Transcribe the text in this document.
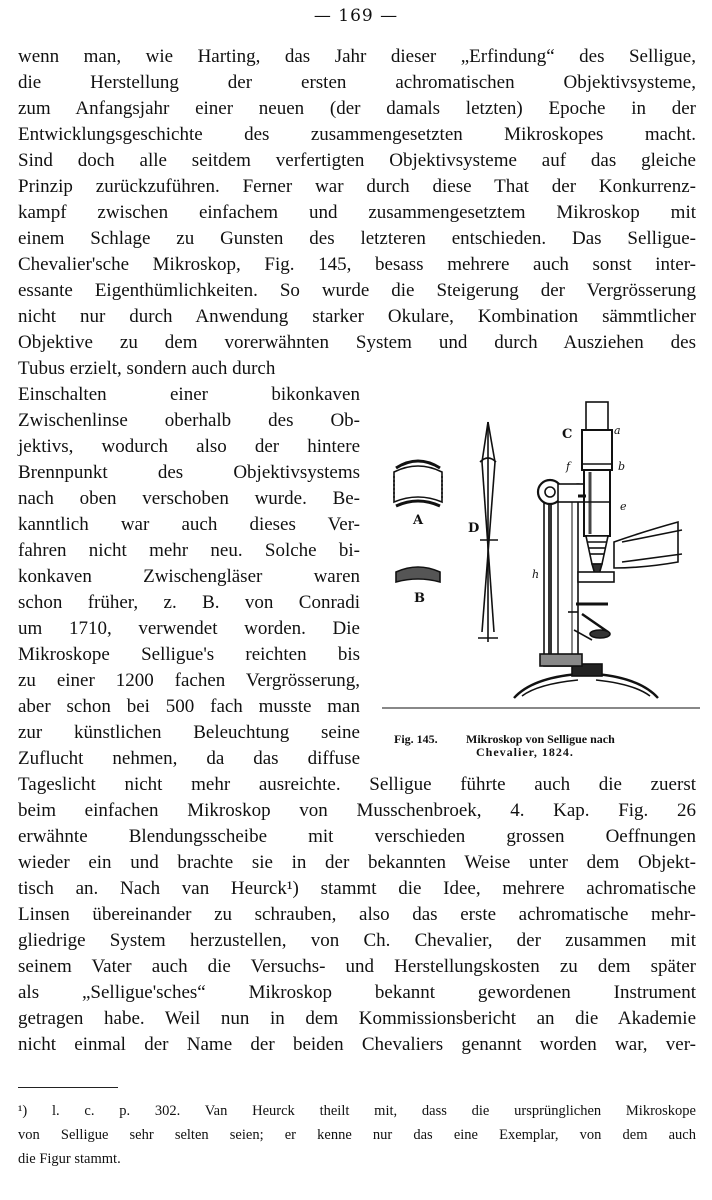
— 169 —
wenn man, wie Harting, das Jahr dieser „Erfindung“ des Selligue,
die Herstellung der ersten achromatischen Objektivsysteme,
zum Anfangsjahr einer neuen (der damals letzten) Epoche in der
Entwicklungsgeschichte des zusammengesetzten Mikroskopes macht.
Sind doch alle seitdem verfertigten Objektivsysteme auf das gleiche
Prinzip zurückzuführen. Ferner war durch diese That der Konkurrenz-
kampf zwischen einfachem und zusammengesetztem Mikroskop mit
einem Schlage zu Gunsten des letzteren entschieden. Das Selligue-
Chevalier'sche Mikroskop, Fig. 145, besass mehrere auch sonst inter-
essante Eigenthümlichkeiten. So wurde die Steigerung der Vergrösserung
nicht nur durch Anwendung starker Okulare, Kombination sämmtlicher
Objektive zu dem vorerwähnten System und durch Ausziehen des
Tubus erzielt, sondern auch durch
Einschalten einer bikonkaven
Zwischenlinse oberhalb des Ob-
jektivs, wodurch also der hintere
Brennpunkt des Objektivsystems
nach oben verschoben wurde. Be-
kanntlich war auch dieses Ver-
fahren nicht mehr neu. Solche bi-
konkaven Zwischengläser waren
schon früher, z. B. von Conradi
um 1710, verwendet worden. Die
Mikroskope Selligue's reichten bis
zu einer 1200 fachen Vergrösserung,
aber schon bei 500 fach musste man
zur künstlichen Beleuchtung seine
Zuflucht nehmen, da das diffuse
Tageslicht nicht mehr ausreichte. Selligue führte auch die zuerst
beim einfachen Mikroskop von Musschenbroek, 4. Kap. Fig. 26
erwähnte Blendungsscheibe mit verschieden grossen Oeffnungen
wieder ein und brachte sie in der bekannten Weise unter dem Objekt-
tisch an. Nach van Heurck¹) stammt die Idee, mehrere achromatische
Linsen übereinander zu schrauben, also das erste achromatische mehr-
gliedrige System herzustellen, von Ch. Chevalier, der zusammen mit
seinem Vater auch die Versuchs- und Herstellungskosten zu dem später
als „Selligue'sches“ Mikroskop bekannt gewordenen Instrument
getragen habe. Weil nun in dem Kommissionsbericht an die Akademie
nicht einmal der Name der beiden Chevaliers genannt worden war, ver-
A
B
C
D
a
b
e
f
h
Fig. 145. Mikroskop von Selligue nach
Chevalier, 1824.
¹) l. c. p. 302. Van Heurck theilt mit, dass die ursprünglichen Mikroskope
von Selligue sehr selten seien; er kenne nur das eine Exemplar, von dem auch
die Figur stammt.
